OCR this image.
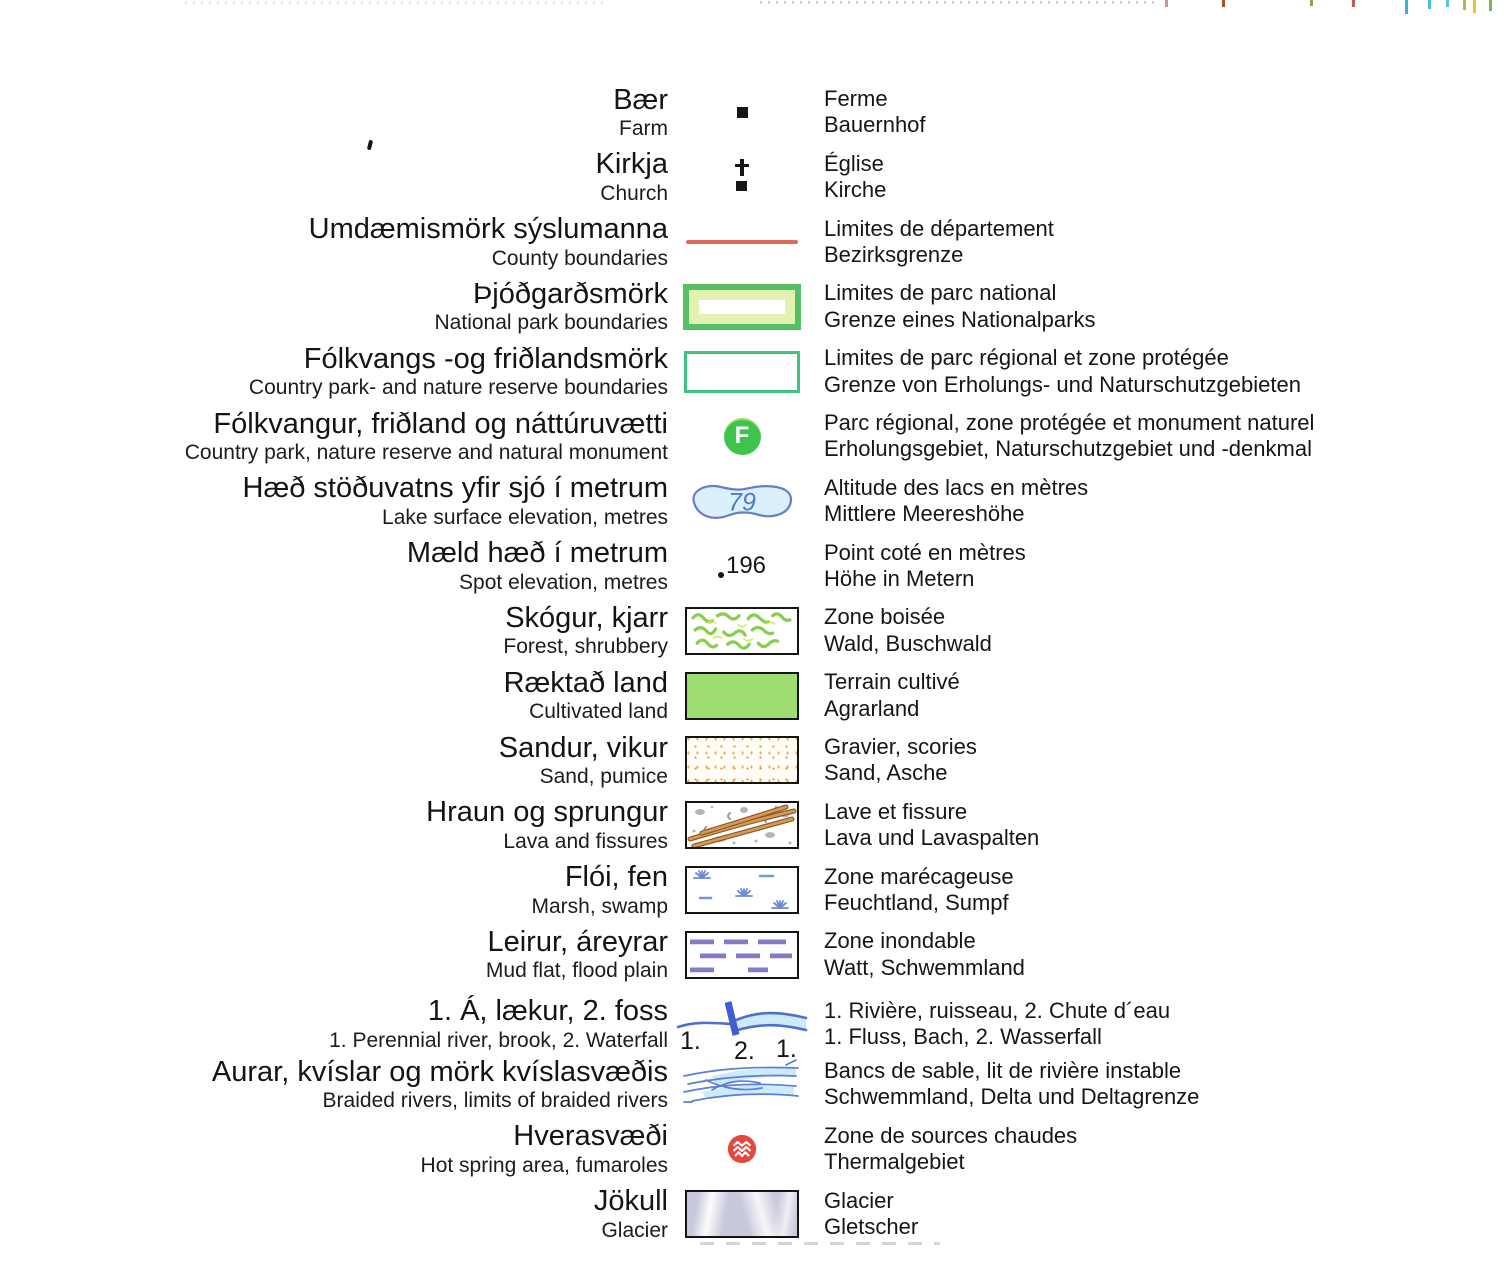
Bær
Farm
Ferme
Bauernhof
Kirkja
Church
Église
Kirche
Umdæmismörk sýslumanna
County boundaries
Limites de département
Bezirksgrenze
Þjóðgarðsmörk
National park boundaries
Limites de parc national
Grenze eines Nationalparks
Fólkvangs -og friðlandsmörk
Country park- and nature reserve boundaries
Limites de parc régional et zone protégée
Grenze von Erholungs- und Naturschutzgebieten
Fólkvangur, friðland og náttúruvætti
Country park, nature reserve and natural monument
F	Parc régional, zone protégée et monument naturel
Erholungsgebiet, Naturschutzgebiet und -denkmal
Hæð stöðuvatns yfir sjó í metrum
Lake surface elevation, metres
79
Altitude des lacs en mètres
Mittlere Meereshöhe
Mæld hæð í metrum
Spot elevation, metres
196	Point coté en mètres
Höhe in Metern
Skógur, kjarr
Forest, shrubbery
Zone boisée
Wald, Buschwald
Ræktað land
Cultivated land
Terrain cultivé
Agrarland
Sandur, vikur
Sand, pumice
Gravier, scories
Sand, Asche
Hraun og sprungur
Lava and fissures
Lave et fissure
Lava und Lavaspalten
Flói, fen
Marsh, swamp
Zone marécageuse
Feuchtland, Sumpf
Leirur, áreyrar
Mud flat, flood plain
Zone inondable
Watt, Schwemmland
1. Á, lækur, 2. foss
1. Perennial river, brook, 2. Waterfall 1. 2. 1.
1. Rivière, ruisseau, 2. Chute d´eau
1. Fluss, Bach, 2. Wasserfall
Aurar, kvíslar og mörk kvíslasvæðis
Braided rivers, limits of braided rivers
Bancs de sable, lit de rivière instable
Schwemmland, Delta und Deltagrenze
Hverasvæði
Hot spring area, fumaroles
Zone de sources chaudes
Thermalgebiet
Jökull
Glacier
Glacier
Gletscher
